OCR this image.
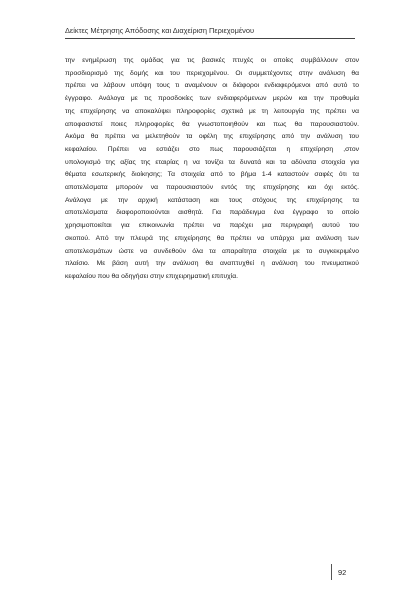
Δείκτες Μέτρησης Απόδοσης και Διαχείριση Περιεχομένου
την ενημέρωση της ομάδας για τις βασικές πτυχές οι οποίες συμβάλλουν στον
προσδιορισμό της δομής και του περιεχομένου. Οι συμμετέχοντες στην ανάλυση θα
πρέπει να λάβουν υπόψη τους τι αναμένουν οι διάφοροι ενδιαφερόμενοι από αυτό το
έγγραφο. Ανάλογα με τις προσδοκίες των ενδιαφερόμενων μερών και την προθυμία
της επιχείρησης να αποκαλύψει πληροφορίες σχετικά με τη λειτουργία της πρέπει να
αποφασιστεί ποιες πληροφορίες θα γνωστοποιηθούν και πως θα παρουσιαστούν.
Ακόμα θα πρέπει να μελετηθούν τα οφέλη της επιχείρησης από την ανάλυση του
κεφαλαίου. Πρέπει να εστιάζει στο πως παρουσιάζεται η επιχείρηση ,στον
υπολογισμό της αξίας της εταιρίας η να τονίζει τα δυνατά και τα αδύνατα στοιχεία για
θέματα εσωτερικής διοίκησης; Τα στοιχεία από το βήμα 1-4 καταστούν σαφές ότι τα
αποτελέσματα μπορούν να παρουσιαστούν εντός της επιχείρησης και όχι εκτός.
Ανάλογα με την αρχική κατάσταση και τους στόχους της επιχείρησης τα
αποτελέσματα διαφοροποιούνται αισθητά. Για παράδειγμα ένα έγγραφο το οποίο
χρησιμοποιείται για επικοινωνία πρέπει να παρέχει μια περιγραφή αυτού του
σκοπού. Από την πλευρά της επιχείρησης θα πρέπει να υπάρχει μια ανάλυση των
αποτελεσμάτων ώστε να συνδεθούν όλα τα απαραίτητα στοιχεία με το συγκεκριμένο
πλαίσιο. Με βάση αυτή την ανάλυση θα αναπτυχθεί η ανάλυση του πνευματικού
κεφαλαίου που θα οδηγήσει στην επιχειρηματική επιτυχία.
92
